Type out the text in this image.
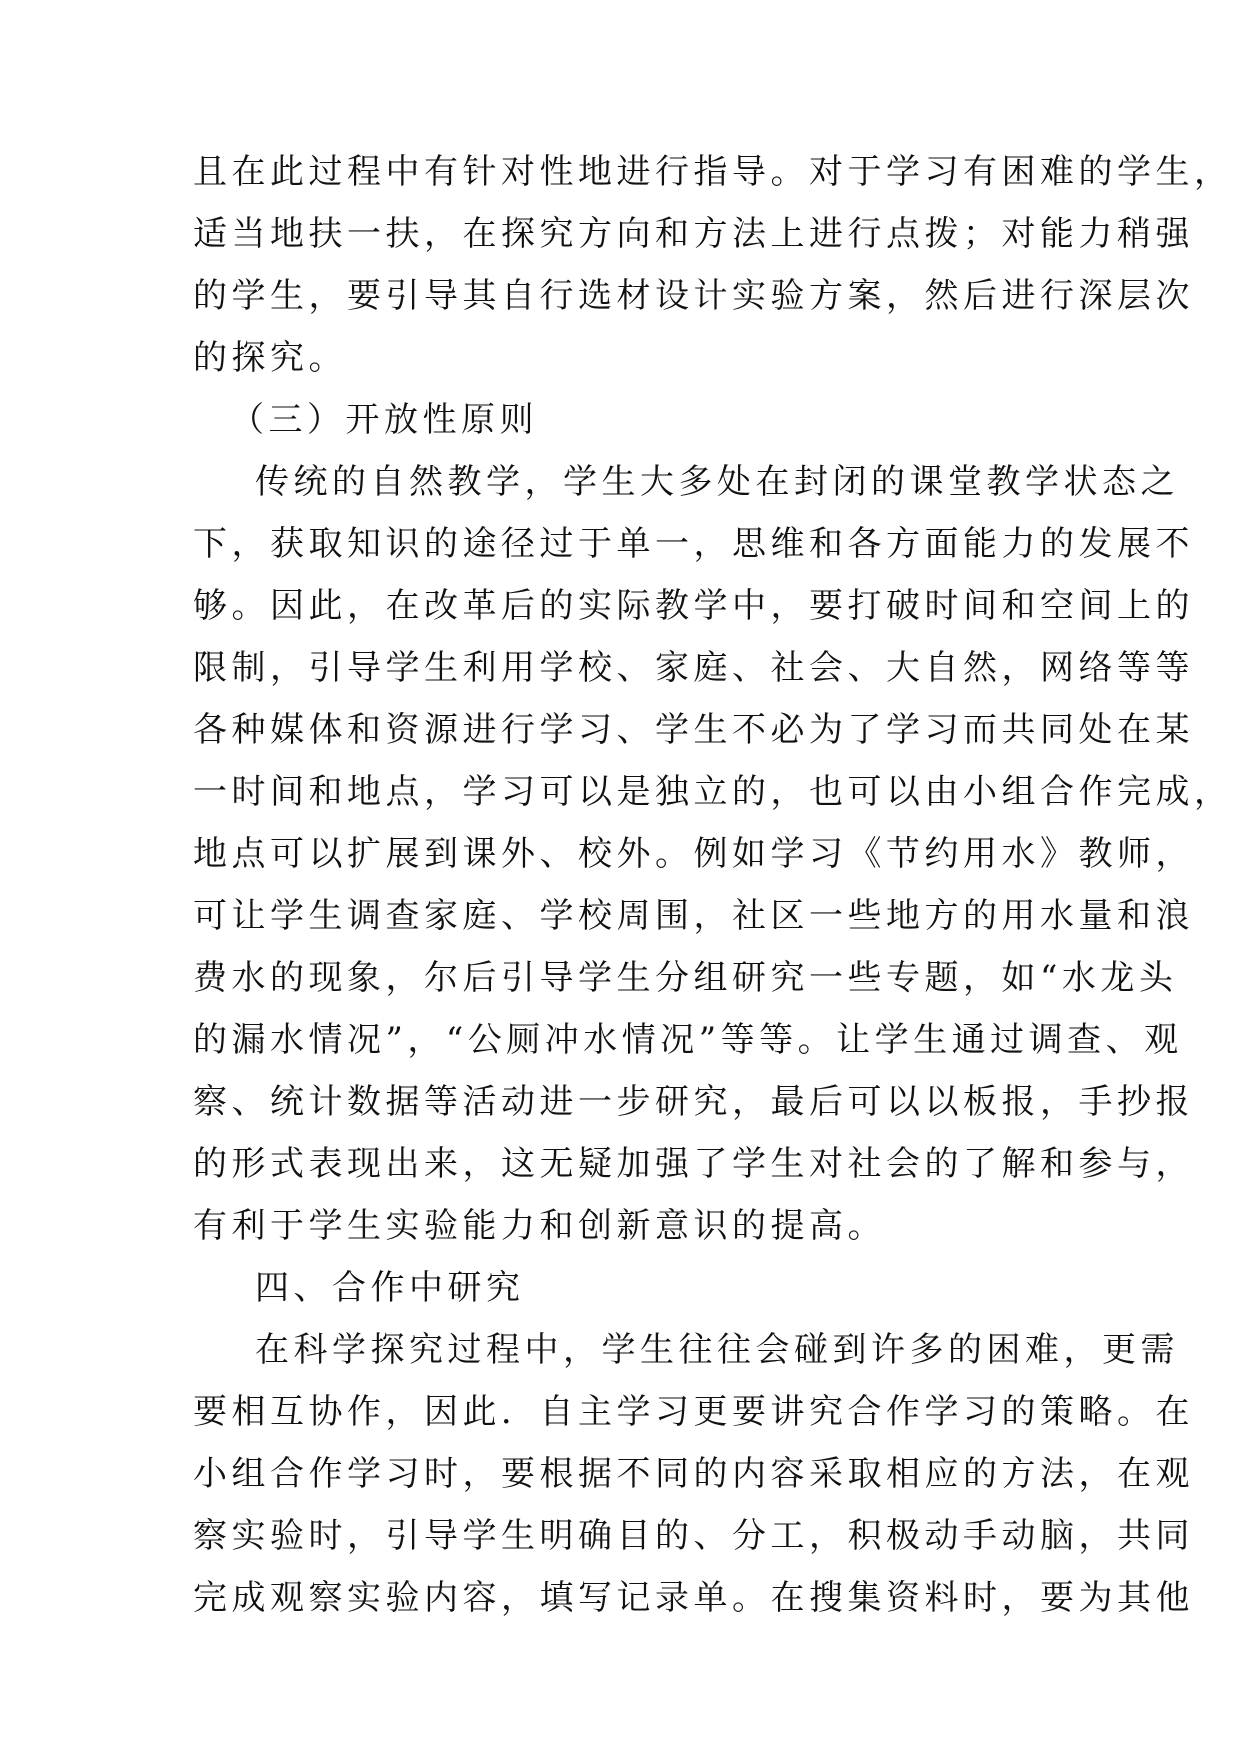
且在此过程中有针对性地进行指导。对于学习有困难的学生，
适当地扶一扶，在探究方向和方法上进行点拨；对能力稍强
的学生，要引导其自行选材设计实验方案，然后进行深层次
的探究。
（三）开放性原则
传统的自然教学，学生大多处在封闭的课堂教学状态之
下，获取知识的途径过于单一，思维和各方面能力的发展不
够。因此，在改革后的实际教学中，要打破时间和空间上的
限制，引导学生利用学校、家庭、社会、大自然，网络等等
各种媒体和资源进行学习、学生不必为了学习而共同处在某
一时间和地点，学习可以是独立的，也可以由小组合作完成，
地点可以扩展到课外、校外。例如学习《节约用水》教师，
可让学生调查家庭、学校周围，社区一些地方的用水量和浪
费水的现象，尔后引导学生分组研究一些专题，如“水龙头
的漏水情况”，“公厕冲水情况”等等。让学生通过调查、观
察、统计数据等活动进一步研究，最后可以以板报，手抄报
的形式表现出来，这无疑加强了学生对社会的了解和参与，
有利于学生实验能力和创新意识的提高。
四、合作中研究
在科学探究过程中，学生往往会碰到许多的困难，更需
要相互协作，因此．自主学习更要讲究合作学习的策略。在
小组合作学习时，要根据不同的内容采取相应的方法，在观
察实验时，引导学生明确目的、分工，积极动手动脑，共同
完成观察实验内容，填写记录单。在搜集资料时，要为其他
